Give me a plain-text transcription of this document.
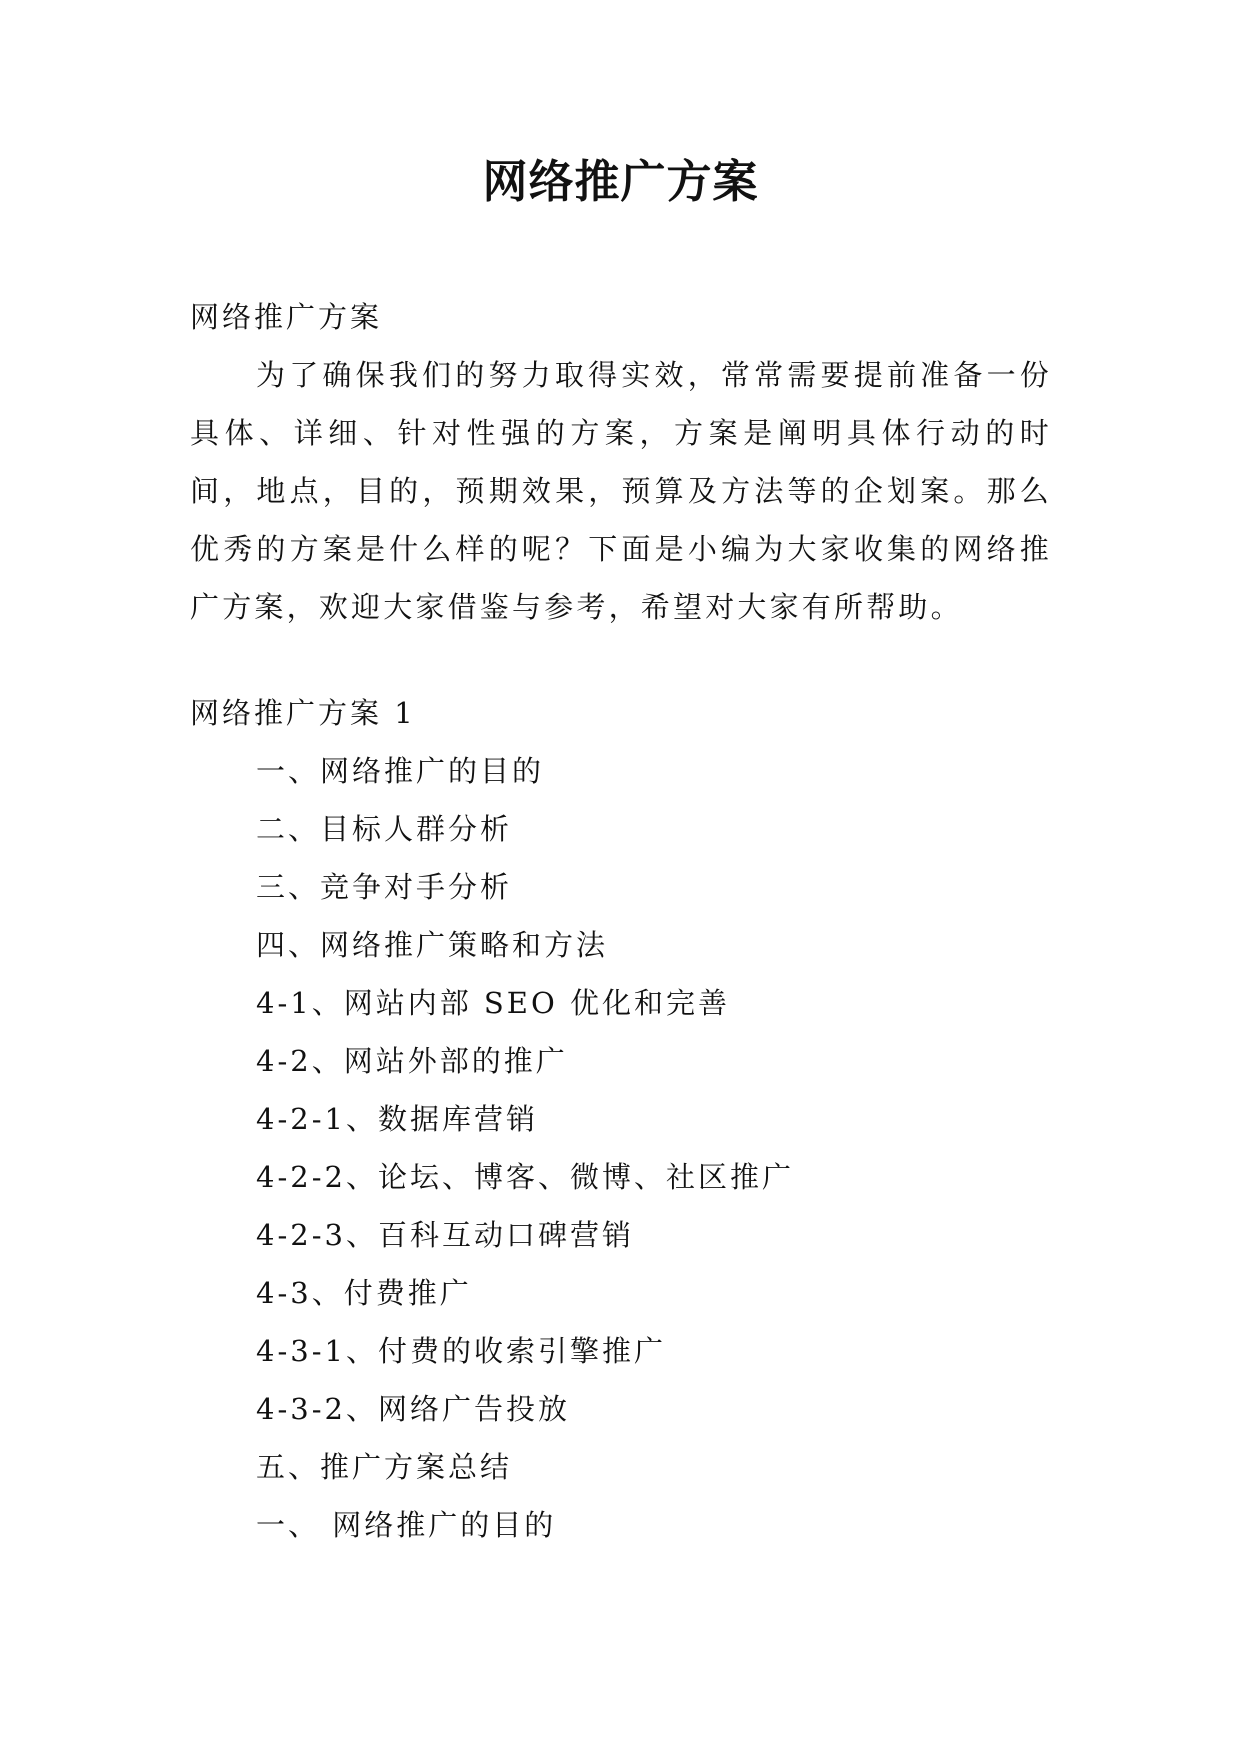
网络推广方案
网络推广方案

为了确保我们的努力取得实效，常常需要提前准备一份具体、详细、针对性强的方案，方案是阐明具体行动的时间，地点，目的，预期效果，预算及方法等的企划案。那么优秀的方案是什么样的呢？下面是小编为大家收集的网络推广方案，欢迎大家借鉴与参考，希望对大家有所帮助。

网络推广方案 1
一、网络推广的目的
二、目标人群分析
三、竞争对手分析
四、网络推广策略和方法
4-1、网站内部 SEO 优化和完善
4-2、网站外部的推广
4-2-1、数据库营销
4-2-2、论坛、博客、微博、社区推广
4-2-3、百科互动口碑营销
4-3、付费推广
4-3-1、付费的收索引擎推广
4-3-2、网络广告投放
五、推广方案总结
一、 网络推广的目的
